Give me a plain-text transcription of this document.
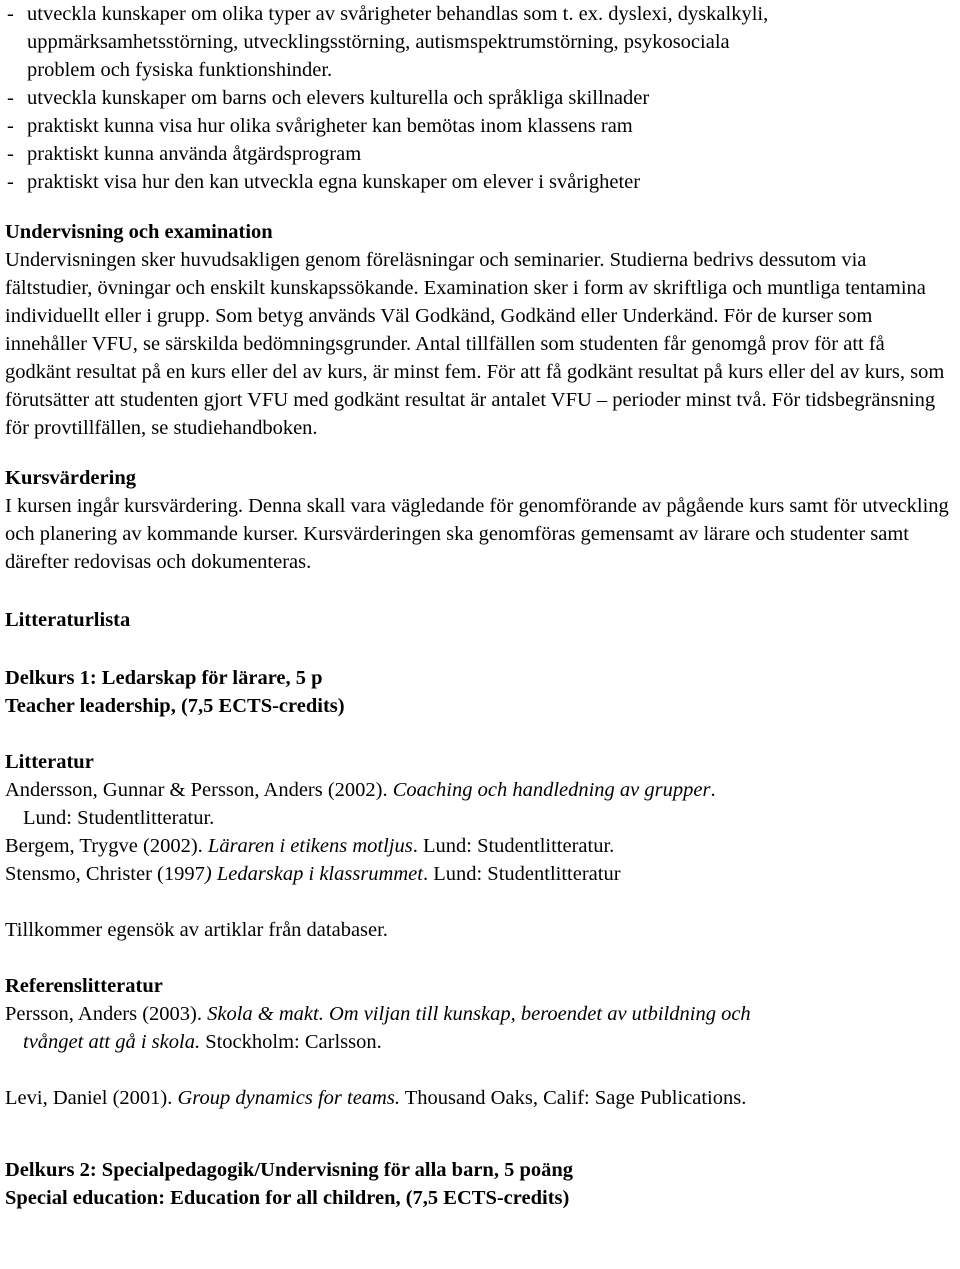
- utveckla kunskaper om olika typer av svårigheter behandlas som t. ex. dyslexi, dyskalkyli,
uppmärksamhetsstörning, utvecklingsstörning, autismspektrumstörning, psykosociala
problem och fysiska funktionshinder.
- utveckla kunskaper om barns och elevers kulturella och språkliga skillnader
- praktiskt kunna visa hur olika svårigheter kan bemötas inom klassens ram
- praktiskt kunna använda åtgärdsprogram
- praktiskt visa hur den kan utveckla egna kunskaper om elever i svårigheter
Undervisning och examination

Undervisningen sker huvudsakligen genom föreläsningar och seminarier. Studierna bedrivs dessutom via fältstudier, övningar och enskilt kunskapssökande. Examination sker i form av skriftliga och muntliga tentamina individuellt eller i grupp. Som betyg används Väl Godkänd, Godkänd eller Underkänd. För de kurser som innehåller VFU, se särskilda bedömningsgrunder. Antal tillfällen som studenten får genomgå prov för att få godkänt resultat på en kurs eller del av kurs, är minst fem. För att få godkänt resultat på kurs eller del av kurs, som förutsätter att studenten gjort VFU med godkänt resultat är antalet VFU – perioder minst två. För tidsbegränsning för provtillfällen, se studiehandboken.

Kursvärdering

I kursen ingår kursvärdering. Denna skall vara vägledande för genomförande av pågående kurs samt för utveckling och planering av kommande kurser. Kursvärderingen ska genomföras gemensamt av lärare och studenter samt därefter redovisas och dokumenteras.

Litteraturlista
Delkurs 1: Ledarskap för lärare, 5 p
Teacher leadership, (7,5 ECTS-credits)
Litteratur

Andersson, Gunnar & Persson, Anders (2002). Coaching och handledning av grupper.
Lund: Studentlitteratur.

Bergem, Trygve (2002). Läraren i etikens motljus. Lund: Studentlitteratur.

Stensmo, Christer (1997) Ledarskap i klassrummet. Lund: Studentlitteratur

Tillkommer egensök av artiklar från databaser.

Referenslitteratur

Persson, Anders (2003). Skola & makt. Om viljan till kunskap, beroendet av utbildning och
tvånget att gå i skola. Stockholm: Carlsson.

Levi, Daniel (2001). Group dynamics for teams. Thousand Oaks, Calif: Sage Publications.

Delkurs 2: Specialpedagogik/Undervisning för alla barn, 5 poäng
Special education: Education for all children, (7,5 ECTS-credits)
